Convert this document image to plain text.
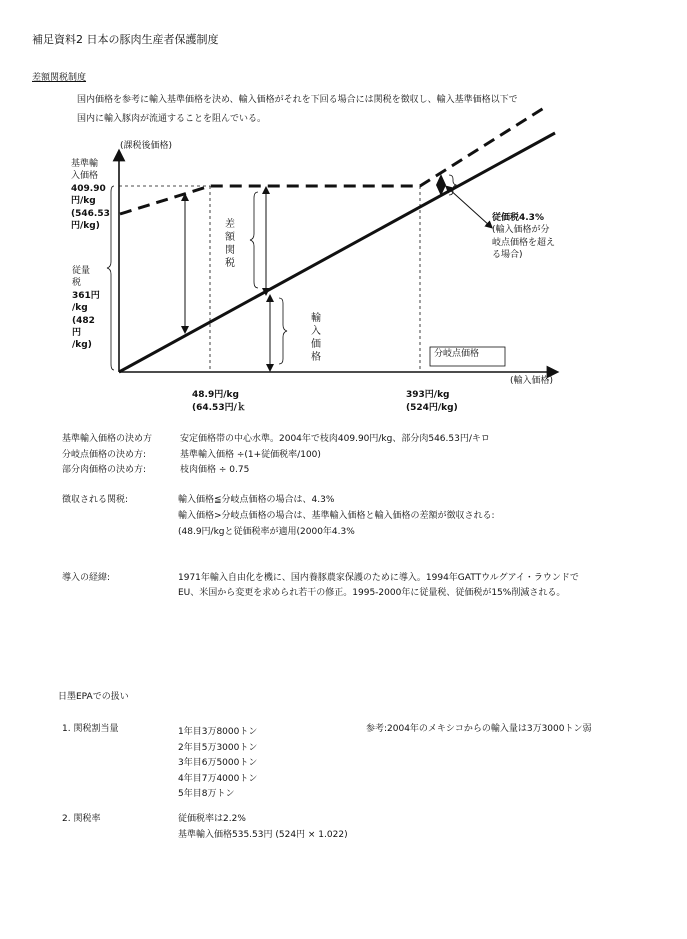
補足資料2 日本の豚肉生産者保護制度
差額関税制度
国内価格を参考に輸入基準価格を決め、輸入価格がそれを下回る場合には関税を徴収し、輸入基準価格以下で
国内に輸入豚肉が流通することを阻んでいる。
(課税後価格)
(輸入価格)
基準輸
入価格
409.90
円/kg
(546.53
円/kg)
従量
税
361円
/kg
(482
円
/kg)
従価税4.3%
(輸入価格が分
岐点価格を超え
る場合)
差額関税
輸入価格	分岐点価格
48.9円/kg
(64.53円/ｋ
393円/kg
(524円/kg)
基準輸入価格の決め方	安定価格帯の中心水準。2004年で枝肉409.90円/kg、部分肉546.53円/キロ
分岐点価格の決め方:	基準輸入価格 ÷(1+従価税率/100)
部分肉価格の決め方:	枝肉価格 ÷ 0.75
徴収される関税:	輸入価格≦分岐点価格の場合は、4.3%
輸入価格>分岐点価格の場合は、基準輸入価格と輸入価格の差額が徴収される:
(48.9円/kgと従価税率が適用(2000年4.3%
導入の経緯:	1971年輸入自由化を機に、国内養豚農家保護のために導入。1994年GATTウルグアイ・ラウンドで
EU、米国から変更を求められ若干の修正。1995-2000年に従量税、従価税が15%削減される。
日墨EPAでの扱い
1. 関税割当量	1年目3万8000トン
2年目5万3000トン
3年目6万5000トン
4年目7万4000トン
5年目8万トン
参考:2004年のメキシコからの輸入量は3万3000トン弱
2. 関税率	従価税率は2.2%
基準輸入価格535.53円 (524円 × 1.022)
